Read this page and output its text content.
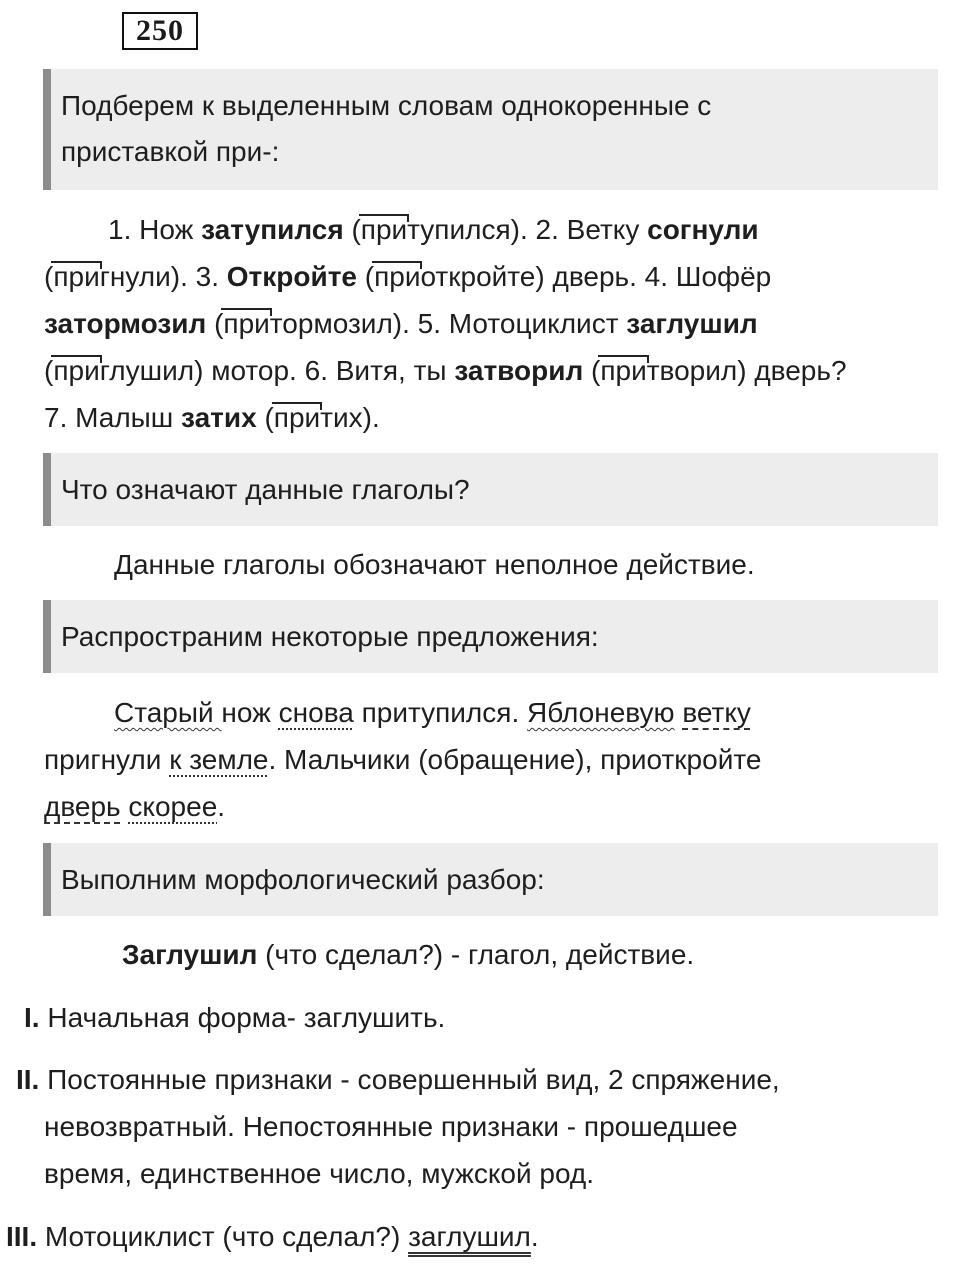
250
Подберем к выделенным словам однокоренные с
приставкой при-:
1. Нож затупился (притупился). 2. Ветку согнули
(пригнули). 3. Откройте (приоткройте) дверь. 4. Шофёр
затормозил (притормозил). 5. Мотоциклист заглушил
(приглушил) мотор. 6. Витя, ты затворил (притворил) дверь?
7. Малыш затих (притих).
Что означают данные глаголы?
Данные глаголы обозначают неполное действие.
Распространим некоторые предложения:
Старый нож снова притупился. Яблоневую ветку
пригнули к земле. Мальчики (обращение), приоткройте
дверь скорее.
Выполним морфологический разбор:
Заглушил (что сделал?) - глагол, действие.
I. Начальная форма- заглушить.
II. Постоянные признаки - совершенный вид, 2 спряжение,
невозвратный. Непостоянные признаки - прошедшее
время, единственное число, мужской род.
III. Мотоциклист (что сделал?) заглушил.
